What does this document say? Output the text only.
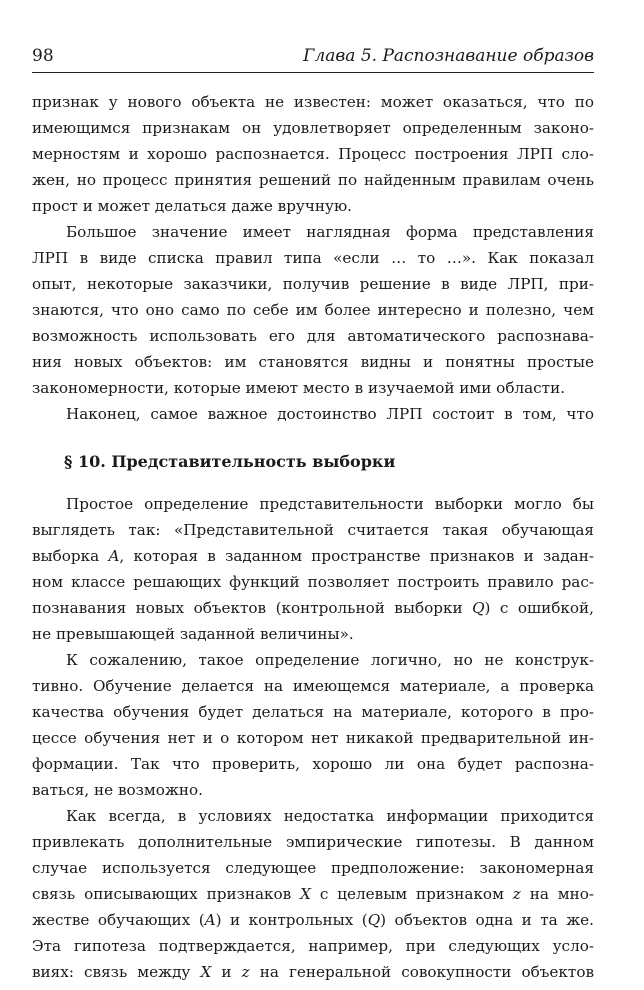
98	Глава 5. Распознавание образов
признак у нового объекта не известен: может оказаться, что по
имеющимся признакам он удовлетворяет определенным законо-
мерностям и хорошо распознается. Процесс построения ЛРП сло-
жен, но процесс принятия решений по найденным правилам очень
прост и может делаться даже вручную.
Большое значение имеет наглядная форма представления
ЛРП в виде списка правил типа «если … то …». Как показал
опыт, некоторые заказчики, получив решение в виде ЛРП, при-
знаются, что оно само по себе им более интересно и полезно, чем
возможность использовать его для автоматического распознава-
ния новых объектов: им становятся видны и понятны простые
закономерности, которые имеют место в изучаемой ими области.
Наконец, самое важное достоинство ЛРП состоит в том, что
§ 10. Представительность выборки
Простое определение представительности выборки могло бы
выглядеть так: «Представительной считается такая обучающая
выборка A, которая в заданном пространстве признаков и задан-
ном классе решающих функций позволяет построить правило рас-
познавания новых объектов (контрольной выборки Q) с ошибкой,
не превышающей заданной величины».
К сожалению, такое определение логично, но не конструк-
тивно. Обучение делается на имеющемся материале, а проверка
качества обучения будет делаться на материале, которого в про-
цессе обучения нет и о котором нет никакой предварительной ин-
формации. Так что проверить, хорошо ли она будет распозна-
ваться, не возможно.
Как всегда, в условиях недостатка информации приходится
привлекать дополнительные эмпирические гипотезы. В данном
случае используется следующее предположение: закономерная
связь описывающих признаков X с целевым признаком z на мно-
жестве обучающих (A) и контрольных (Q) объектов одна и та же.
Эта гипотеза подтверждается, например, при следующих усло-
виях: связь между X и z на генеральной совокупности объектов
